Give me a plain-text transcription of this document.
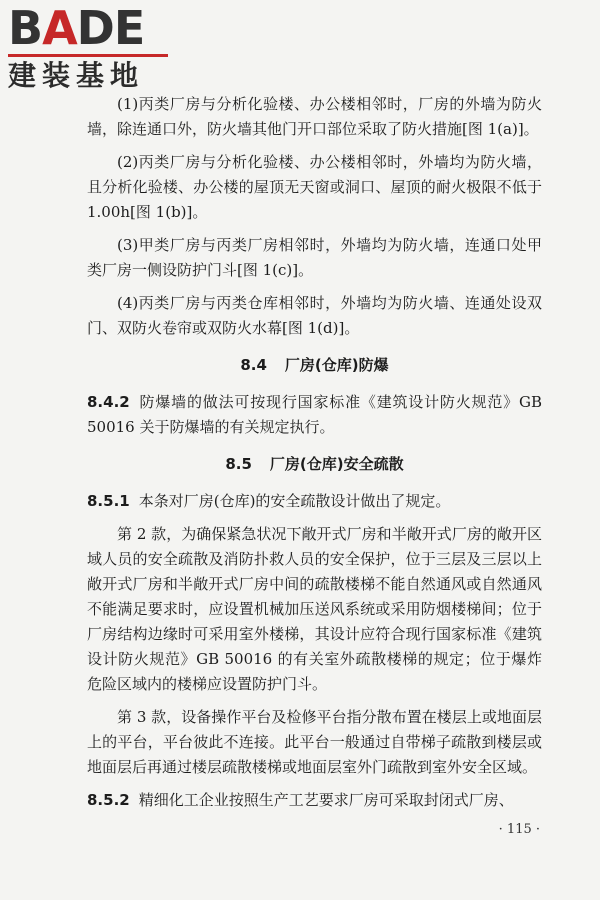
BADE
建装基地

(1)丙类厂房与分析化验楼、办公楼相邻时，厂房的外墙为防火墙，除连通口外，防火墙其他门开口部位采取了防火措施[图 1(a)]。

(2)丙类厂房与分析化验楼、办公楼相邻时，外墙均为防火墙，且分析化验楼、办公楼的屋顶无天窗或洞口、屋顶的耐火极限不低于 1.00h[图 1(b)]。

(3)甲类厂房与丙类厂房相邻时，外墙均为防火墙，连通口处甲类厂房一侧设防护门斗[图 1(c)]。

(4)丙类厂房与丙类仓库相邻时，外墙均为防火墙、连通处设双门、双防火卷帘或双防火水幕[图 1(d)]。

8.4 厂房(仓库)防爆

8.4.2 防爆墙的做法可按现行国家标准《建筑设计防火规范》GB 50016 关于防爆墙的有关规定执行。

8.5 厂房(仓库)安全疏散

8.5.1 本条对厂房(仓库)的安全疏散设计做出了规定。

第 2 款，为确保紧急状况下敞开式厂房和半敞开式厂房的敞开区域人员的安全疏散及消防扑救人员的安全保护，位于三层及三层以上敞开式厂房和半敞开式厂房中间的疏散楼梯不能自然通风或自然通风不能满足要求时，应设置机械加压送风系统或采用防烟楼梯间；位于厂房结构边缘时可采用室外楼梯，其设计应符合现行国家标准《建筑设计防火规范》GB 50016 的有关室外疏散楼梯的规定；位于爆炸危险区域内的楼梯应设置防护门斗。

第 3 款，设备操作平台及检修平台指分散布置在楼层上或地面层上的平台，平台彼此不连接。此平台一般通过自带梯子疏散到楼层或地面层后再通过楼层疏散楼梯或地面层室外门疏散到室外安全区域。

8.5.2 精细化工企业按照生产工艺要求厂房可采取封闭式厂房、

· 115 ·
